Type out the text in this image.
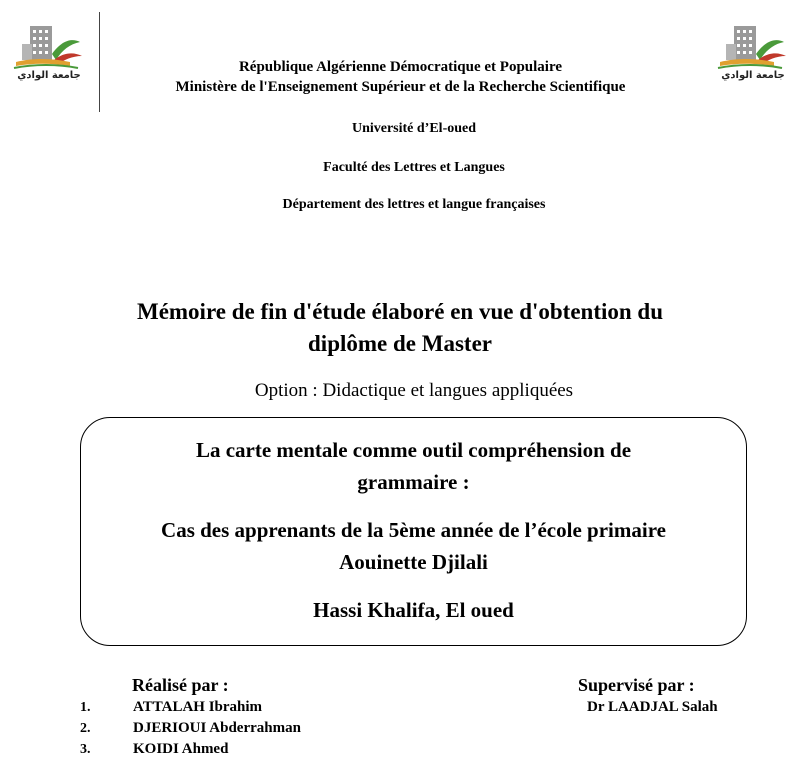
جامعة الوادي	جامعة الوادي
République Algérienne Démocratique et Populaire
Ministère de l'Enseignement Supérieur et de la Recherche Scientifique
Université d’El-oued
Faculté des Lettres et Langues
Département des lettres et langue françaises
Mémoire de fin d'étude élaboré en vue d'obtention du
diplôme de Master
Option : Didactique et langues appliquées
La carte mentale comme outil compréhension de
grammaire :
Cas des apprenants de la 5ème année de l’école primaire
Aouinette Djilali
Hassi Khalifa, El oued
Réalisé par :
1.	ATTALAH Ibrahim
2.	DJERIOUI Abderrahman
3.	KOIDI Ahmed
Supervisé par :
Dr LAADJAL Salah
